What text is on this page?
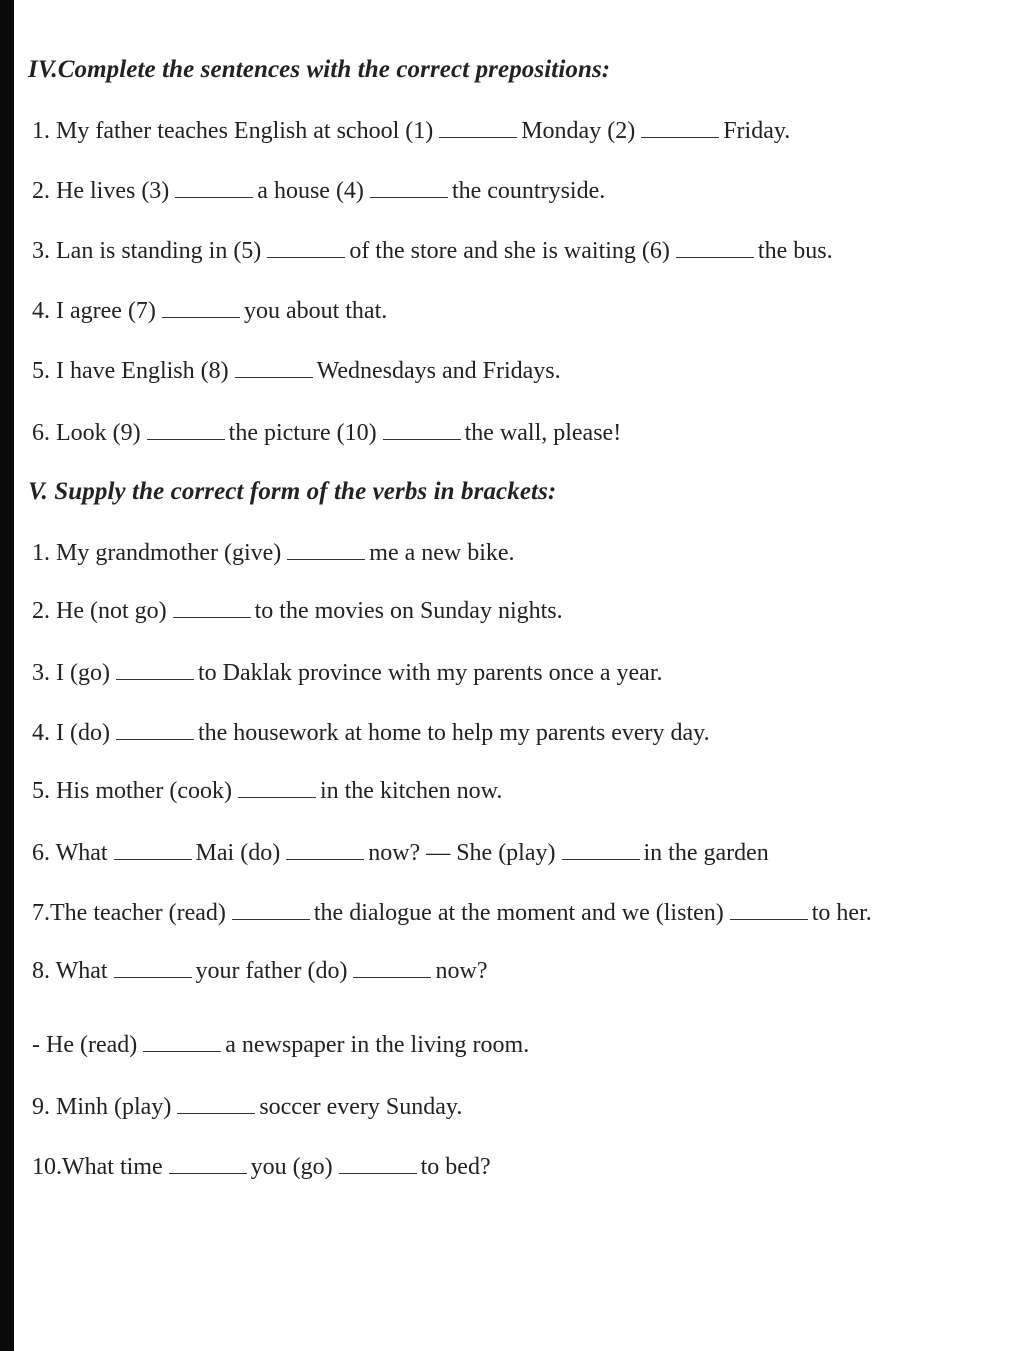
IV.Complete the sentences with the correct prepositions:
1. My father teaches English at school (1)	Monday (2)	Friday.
2. He lives (3)	a house (4)	the countryside.
3. Lan is standing in (5)	of the store and she is waiting (6)	the bus.
4. I agree (7)	you about that.
5. I have English (8)	Wednesdays and Fridays.
6. Look (9)	the picture (10)	the wall, please!
V. Supply the correct form of the verbs in brackets:
1. My grandmother (give)	me a new bike.
2. He (not go)	to the movies on Sunday nights.
3. I (go)	to Daklak province with my parents once a year.
4. I (do)	the housework at home to help my parents every day.
5. His mother (cook)	in the kitchen now.
6. What	Mai (do)	now? — She (play)	in the garden
7.The teacher (read)	the dialogue at the moment and we (listen)	to her.
8. What	your father (do)	now?
- He (read)	a newspaper in the living room.
9. Minh (play)	soccer every Sunday.
10.What time	you (go)	to bed?
